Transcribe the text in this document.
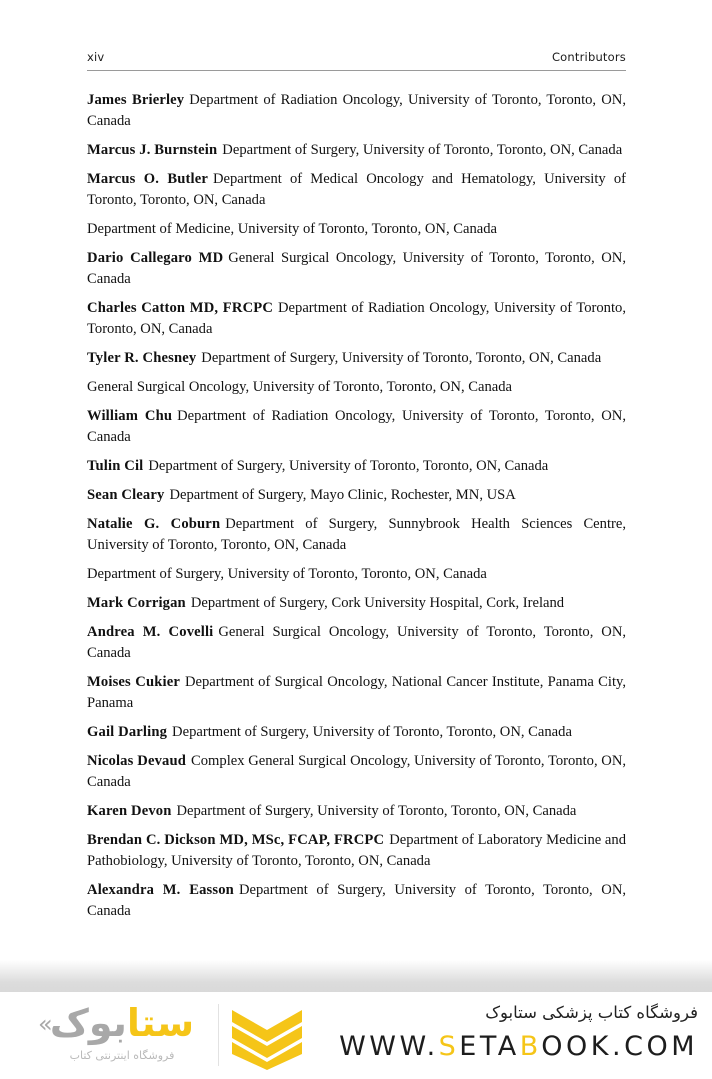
xiv	Contributors

James Brierley Department of Radiation Oncology, University of Toronto, Toronto, ON, Canada

Marcus J. Burnstein Department of Surgery, University of Toronto, Toronto, ON, Canada

Marcus O. Butler Department of Medical Oncology and Hematology, University of Toronto, Toronto, ON, Canada

Department of Medicine, University of Toronto, Toronto, ON, Canada

Dario Callegaro MD General Surgical Oncology, University of Toronto, Toronto, ON, Canada

Charles Catton MD, FRCPC Department of Radiation Oncology, University of Toronto, Toronto, ON, Canada

Tyler R. Chesney Department of Surgery, University of Toronto, Toronto, ON, Canada

General Surgical Oncology, University of Toronto, Toronto, ON, Canada

William Chu Department of Radiation Oncology, University of Toronto, Toronto, ON, Canada

Tulin Cil Department of Surgery, University of Toronto, Toronto, ON, Canada

Sean Cleary Department of Surgery, Mayo Clinic, Rochester, MN, USA

Natalie G. Coburn Department of Surgery, Sunnybrook Health Sciences Centre, University of Toronto, Toronto, ON, Canada

Department of Surgery, University of Toronto, Toronto, ON, Canada

Mark Corrigan Department of Surgery, Cork University Hospital, Cork, Ireland

Andrea M. Covelli General Surgical Oncology, University of Toronto, Toronto, ON, Canada

Moises Cukier Department of Surgical Oncology, National Cancer Institute, Panama City, Panama

Gail Darling Department of Surgery, University of Toronto, Toronto, ON, Canada

Nicolas Devaud Complex General Surgical Oncology, University of Toronto, Toronto, ON, Canada

Karen Devon Department of Surgery, University of Toronto, Toronto, ON, Canada

Brendan C. Dickson MD, MSc, FCAP, FRCPC Department of Laboratory Medicine and Pathobiology, University of Toronto, Toronto, ON, Canada

Alexandra M. Easson Department of Surgery, University of Toronto, Toronto, ON, Canada

«	ستابوک
فروشگاه اینترنتی کتاب
فروشگاه کتاب پزشکی ستابوک
WWW.SETABOOK.COM
